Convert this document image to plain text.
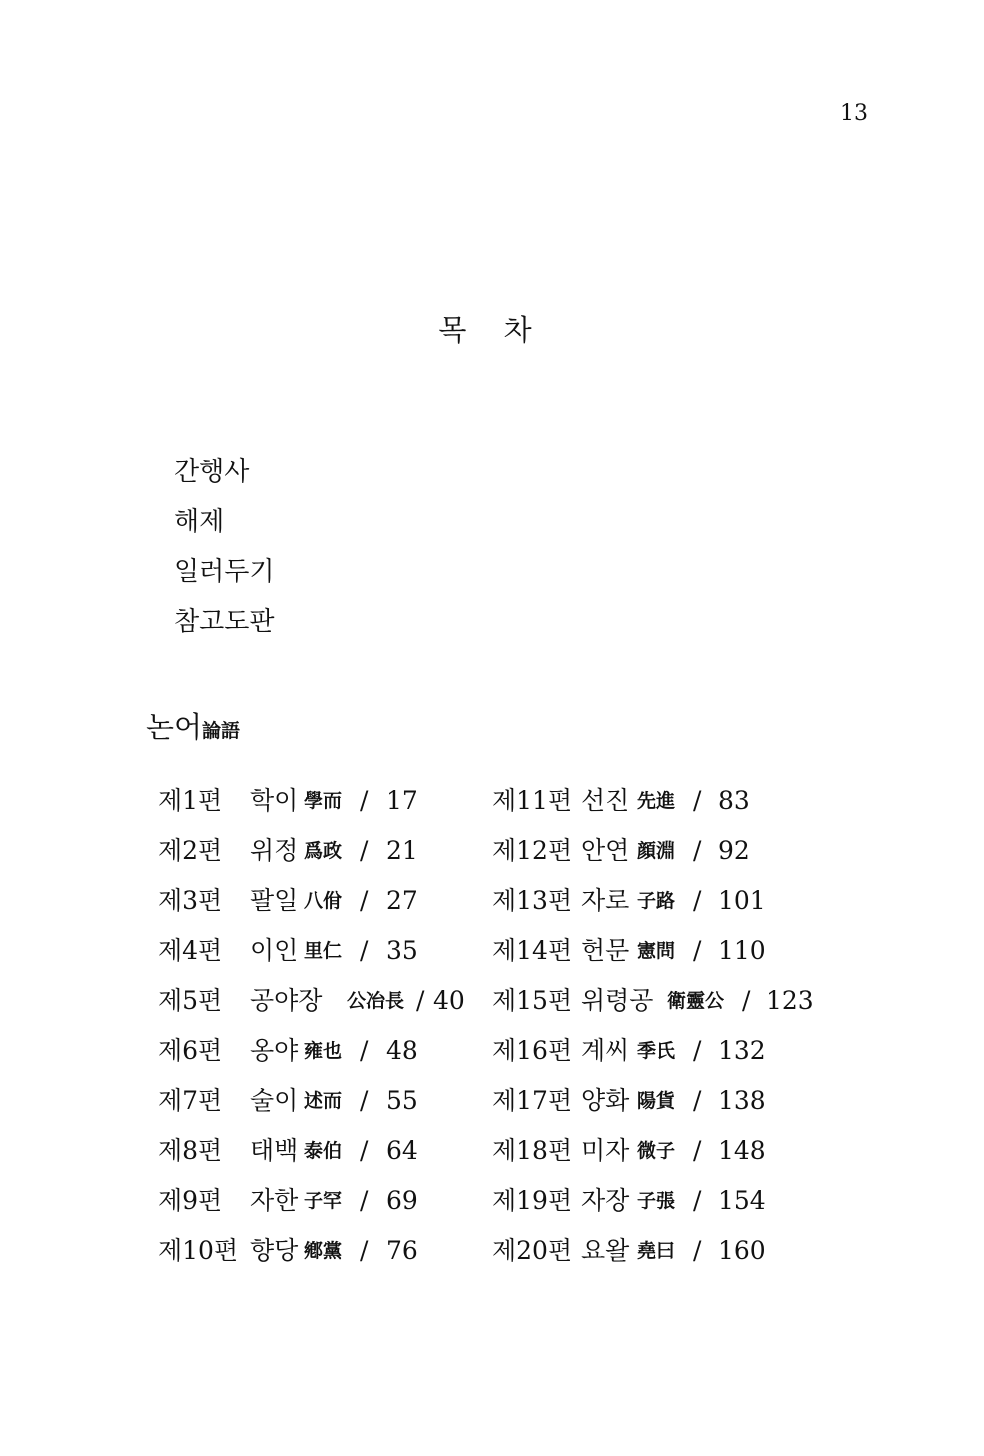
13
목 차
간행사
해제
일러두기
참고도판
논어論語
제1편 학이 學而 / 17
제2편 위정 爲政 / 21
제3편 팔일 八佾 / 27
제4편 이인 里仁 / 35
제5편 공야장 公冶長 / 40
제6편 옹야 雍也 / 48
제7편 술이 述而 / 55
제8편 태백 泰伯 / 64
제9편 자한 子罕 / 69
제10편 향당 鄕黨 / 76
제11편 선진 先進 / 83
제12편 안연 顔淵 / 92
제13편 자로 子路 / 101
제14편 헌문 憲問 / 110
제15편 위령공 衛靈公 / 123
제16편 계씨 季氏 / 132
제17편 양화 陽貨 / 138
제18편 미자 微子 / 148
제19편 자장 子張 / 154
제20편 요왈 堯曰 / 160
